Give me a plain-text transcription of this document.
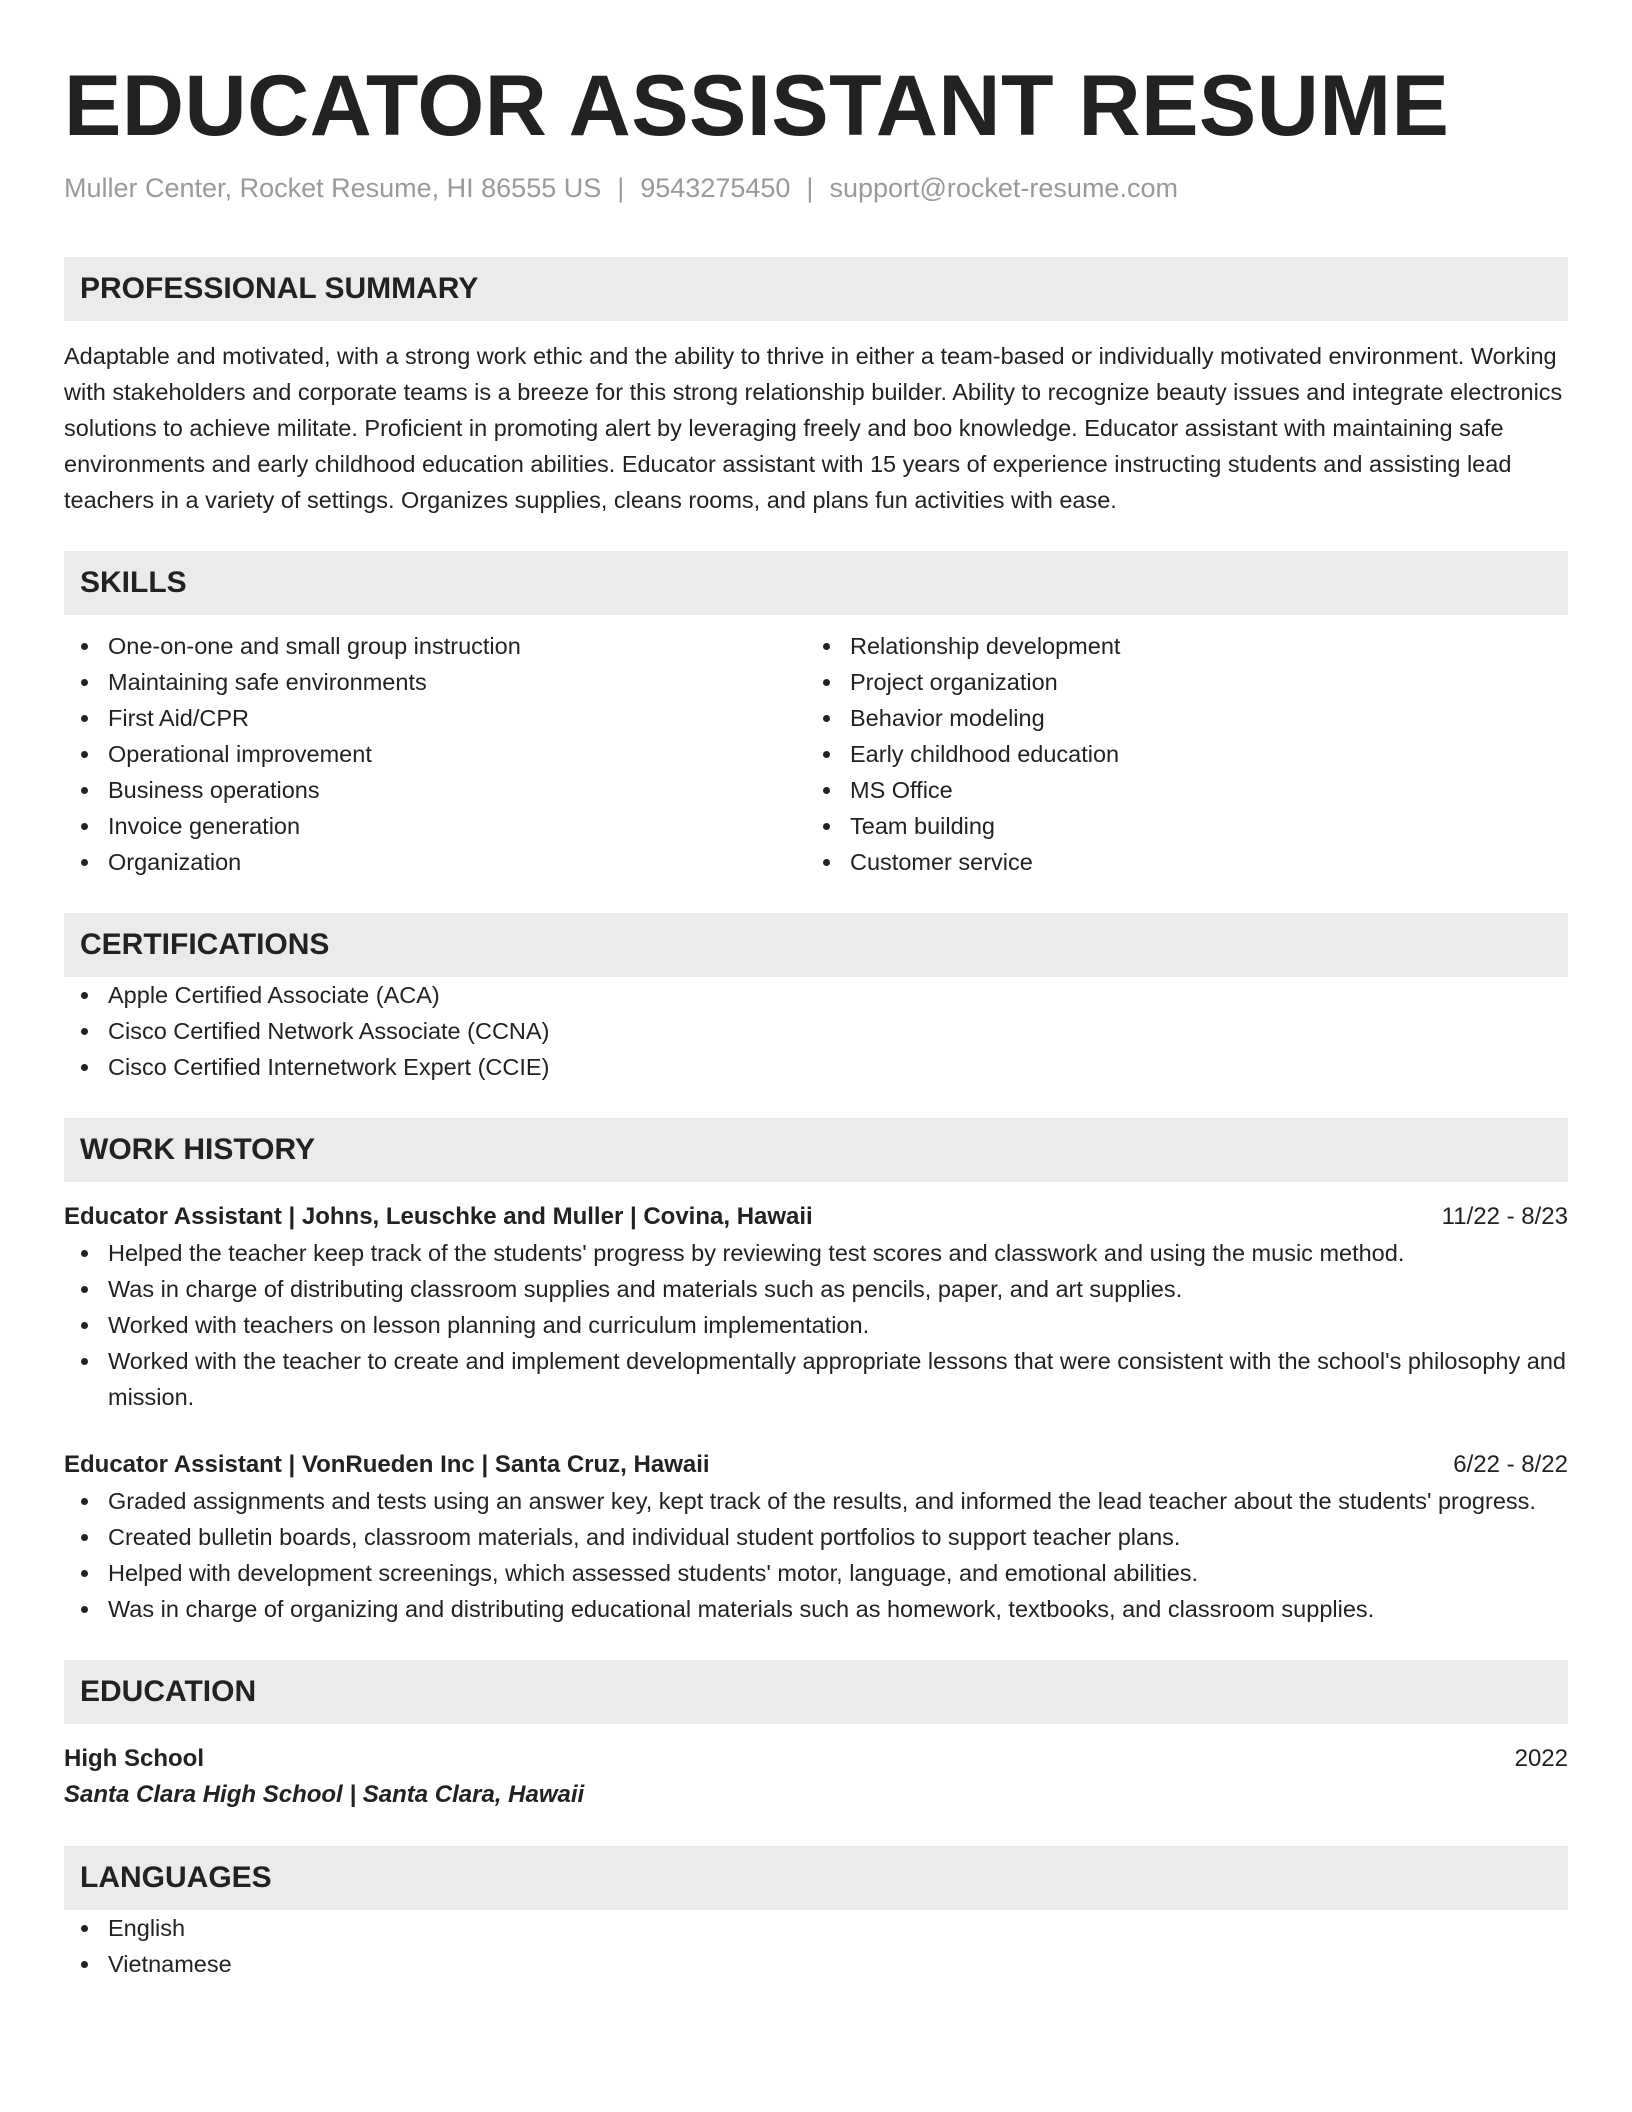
EDUCATOR ASSISTANT RESUME
Muller Center, Rocket Resume, HI 86555 US | 9543275450 | support@rocket-resume.com
PROFESSIONAL SUMMARY
Adaptable and motivated, with a strong work ethic and the ability to thrive in either a team-based or individually motivated environment. Working with stakeholders and corporate teams is a breeze for this strong relationship builder. Ability to recognize beauty issues and integrate electronics solutions to achieve militate. Proficient in promoting alert by leveraging freely and boo knowledge. Educator assistant with maintaining safe environments and early childhood education abilities. Educator assistant with 15 years of experience instructing students and assisting lead teachers in a variety of settings. Organizes supplies, cleans rooms, and plans fun activities with ease.
SKILLS
One-on-one and small group instruction
Maintaining safe environments
First Aid/CPR
Operational improvement
Business operations
Invoice generation
Organization
Relationship development
Project organization
Behavior modeling
Early childhood education
MS Office
Team building
Customer service
CERTIFICATIONS
Apple Certified Associate (ACA)
Cisco Certified Network Associate (CCNA)
Cisco Certified Internetwork Expert (CCIE)
WORK HISTORY
Educator Assistant | Johns, Leuschke and Muller | Covina, Hawaii	11/22 - 8/23
Helped the teacher keep track of the students' progress by reviewing test scores and classwork and using the music method.
Was in charge of distributing classroom supplies and materials such as pencils, paper, and art supplies.
Worked with teachers on lesson planning and curriculum implementation.
Worked with the teacher to create and implement developmentally appropriate lessons that were consistent with the school's philosophy and mission.
Educator Assistant | VonRueden Inc | Santa Cruz, Hawaii	6/22 - 8/22
Graded assignments and tests using an answer key, kept track of the results, and informed the lead teacher about the students' progress.
Created bulletin boards, classroom materials, and individual student portfolios to support teacher plans.
Helped with development screenings, which assessed students' motor, language, and emotional abilities.
Was in charge of organizing and distributing educational materials such as homework, textbooks, and classroom supplies.
EDUCATION
High School	2022
Santa Clara High School | Santa Clara, Hawaii
LANGUAGES
English
Vietnamese
